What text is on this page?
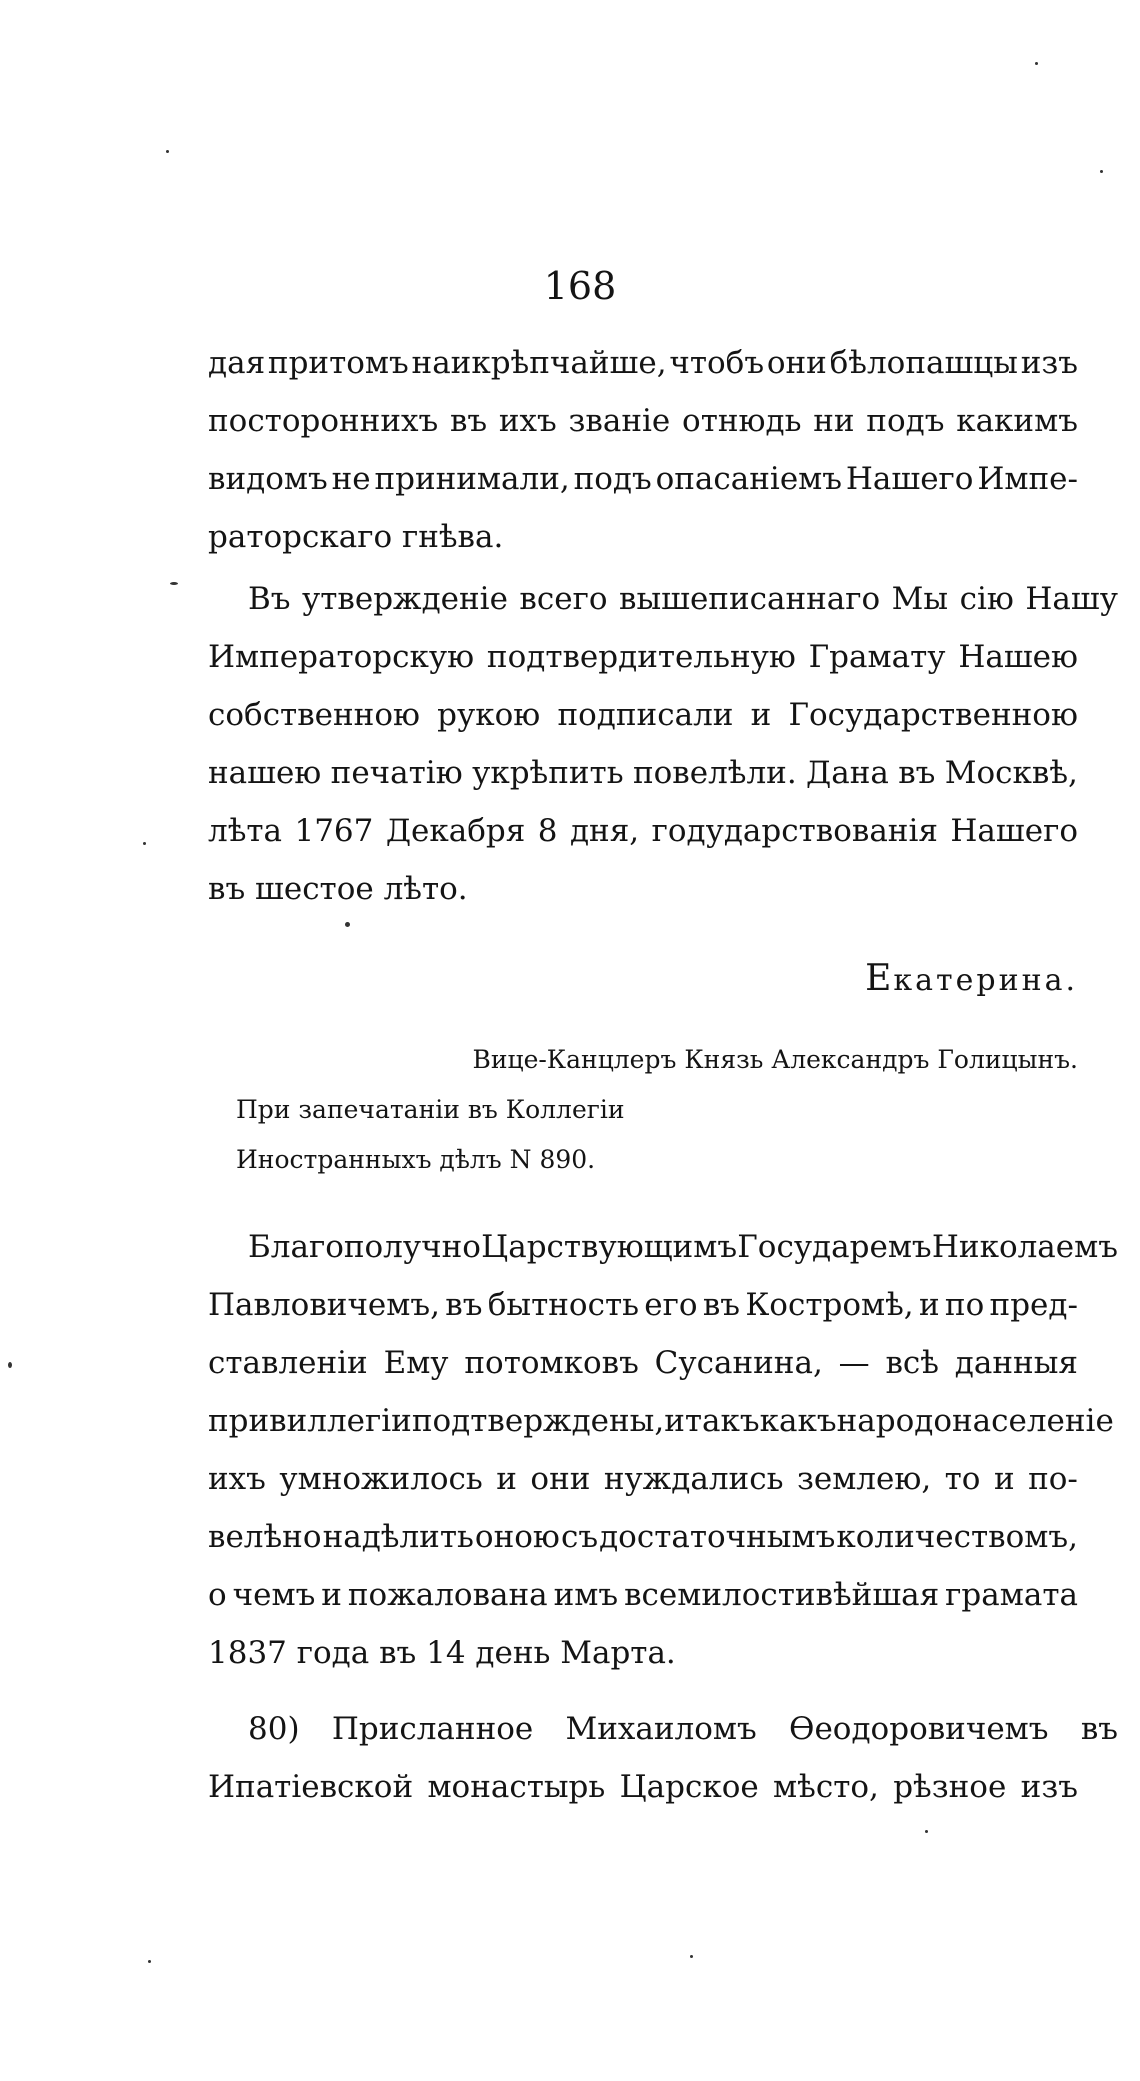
168

дая притомъ наикрѣпчайше, чтобъ они бѣлопашцы изъ

постороннихъ въ ихъ званіе отнюдь ни подъ какимъ

видомъ не принимали, подъ опасаніемъ Нашего Импе-

раторскаго гнѣва.

Въ утвержденіе всего вышеписаннаго Мы сію Нашу

Императорскую подтвердительную Грамату Нашею

собственною рукою подписали и Государственною

нашею печатію укрѣпить повелѣли. Дана въ Москвѣ,

лѣта 1767 Декабря 8 дня, годударствованія Нашего

въ шестое лѣто.

Екатерина.
Вице-Канцлеръ Князь Александръ Голицынъ.
При запечатаніи въ Коллегіи
Иностранныхъ дѣлъ N 890.

Благополучно Царствующимъ Государемъ Николаемъ

Павловичемъ, въ бытность его въ Костромѣ, и по пред-

ставленіи Ему потомковъ Сусанина, — всѣ данныя

привиллегіи подтверждены, и такъ какъ народонаселеніе

ихъ умножилось и они нуждались землею, то и по-

велѣно надѣлить оною съ достаточнымъ количествомъ,

о чемъ и пожалована имъ всемилостивѣйшая грамата

1837 года въ 14 день Марта.

80) Присланное Михаиломъ Ѳеодоровичемъ въ

Ипатіевской монастырь Царское мѣсто, рѣзное изъ
